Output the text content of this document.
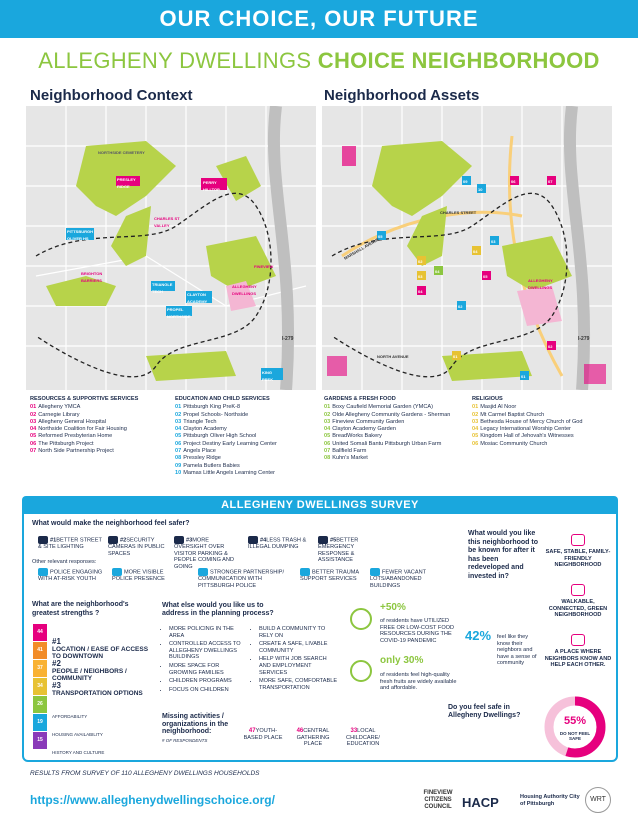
OUR CHOICE, OUR FUTURE
ALLEGHENY DWELLINGS CHOICE NEIGHBORHOOD
Neighborhood Context	Neighborhood Assets
NORTHSIDE CEMETERY
PRESLEY RIDGE
PERRY HILLTOP
CHARLES ST VALLEY
PITTSBURGH OLIVER HS
FINEVIEW
BRIGHTON BARRIERS
TRIANGLE TECH
CLAYTON ACADEMY
ALLEGHENY DWELLINGS
PROPEL NORTHSIDE
KING PREK
I-279
06	07
09
10
05
02
03
04
04
03
05
02
04
02
01
01
MARSHALL AVENUE
CHARLES STREET
NORTH AVENUE
ALLEGHENY DWELLINGS
I-279
RESOURCES & SUPPORTIVE SERVICES
01 Allegheny YMCA
02 Carnegie Library
03 Allegheny General Hospital
04 Northside Coalition for Fair Housing
05 Reformed Presbyterian Home
06 The Pittsburgh Project
07 North Side Partnership Project
EDUCATION AND CHILD SERVICES
01 Pittsburgh King PreK-8
02 Propel Schools- Northside
03 Triangle Tech
04 Clayton Academy
05 Pittsburgh Oliver High School
06 Project Destiny Early Learning Center
07 Angels Place
08 Pressley Ridge
09 Pamela Butlers Babies
10 Mamas Little Angels Learning Center
GARDENS & FRESH FOOD
01 Boxy Caufield Memorial Garden (YMCA)
02 Olde Allegheny Community Gardens - Sherman
03 Fineview Community Garden
04 Clayton Academy Garden
05 BreadWorks Bakery
06 United Somali Bantu Pittsburgh Urban Farm
07 Ballfield Farm
08 Kuhn's Market
RELIGIOUS
01 Masjid Al Noor
02 Mt Carmel Baptist Church
03 Bethesda House of Mercy Church of God
04 Legacy International Worship Center
05 Kingdom Hall of Jehovah's Witnesses
06 Mosiac Community Church
ALLEGHENY DWELLINGS SURVEY
What would make the neighborhood feel safer?
Other relevant responses:
What are the neighborhood's greatest strengths ?
What else would you like us to address in the planning process?
• MORE POLICING IN THE AREA
• CONTROLLED ACCESS TO ALLEGHENY DWELLINGS BUILDINGS
• MORE SPACE FOR GROWING FAMILIES
• CHILDREN PROGRAMS
• FOCUS ON CHILDREN
• BUILD A COMMUNITY TO RELY ON
• CREATE A SAFE, LIVABLE COMMUNITY
• HELP WITH JOB SEARCH AND EMPLOYMENT SERVICES
• MORE SAFE, COMFORTABLE TRANSPORTATION
Missing activities / organizations in the neighborhood:
# OF RESPONDENTS
+50%
of residents have UTILIZED FREE OR LOW-COST FOOD RESOURCES DURING THE COVID-19 PANDEMIC
only 30%
of residents feel high-quality fresh fruits are widely available and affordable.
What would you like this neighborhood to be known for after it has been redeveloped and invested in?
42% feel like they know their neighbors and have a sense of community
Do you feel safe in Allegheny Dwellings?	55%
DO NOT FEEL SAFE
RESULTS FROM SURVEY OF 110 ALLEGHENY DWELLINGS HOUSEHOLDS
https://www.alleghenydwellingschoice.org/	FINEVIEW CITIZENS COUNCIL HACP	Housing Authority City of Pittsburgh
WRT
#1BETTER STREET & SITE LIGHTING
#2SECURITY CAMERAS IN PUBLIC SPACES
#3MORE OVERSIGHT OVER VISITOR PARKING & PEOPLE COMING AND GOING
#4LESS TRASH & ILLEGAL DUMPING
#5BETTER EMERGENCY RESPONSE & ASSISTANCE
POLICE ENGAGING WITH AT-RISK YOUTH
MORE VISIBLE POLICE PRESENCE
STRONGER PARTNERSHIP/ COMMUNICATION WITH PITTSBURGH POLICE
BETTER TRAUMA SUPPORT SERVICES
FEWER VACANT LOTS/ABANDONED BUILDINGS
44
41
37
34
26
19
15
#1
LOCATION / EASE OF ACCESS TO DOWNTOWN
#2
PEOPLE / NEIGHBORS / COMMUNITY
#3
TRANSPORTATION OPTIONS
AFFORDABILITY
HOUSING AVAILABILITY
HISTORY AND CULTURE
47YOUTH-BASED PLACE
46CENTRAL GATHERING PLACE
33LOCAL CHILDCARE/ EDUCATION
SAFE, STABLE, FAMILY-FRIENDLY NEIGHBORHOOD
WALKABLE, CONNECTED, GREEN NEIGHBORHOOD
A PLACE WHERE NEIGHBORS KNOW AND HELP EACH OTHER.
